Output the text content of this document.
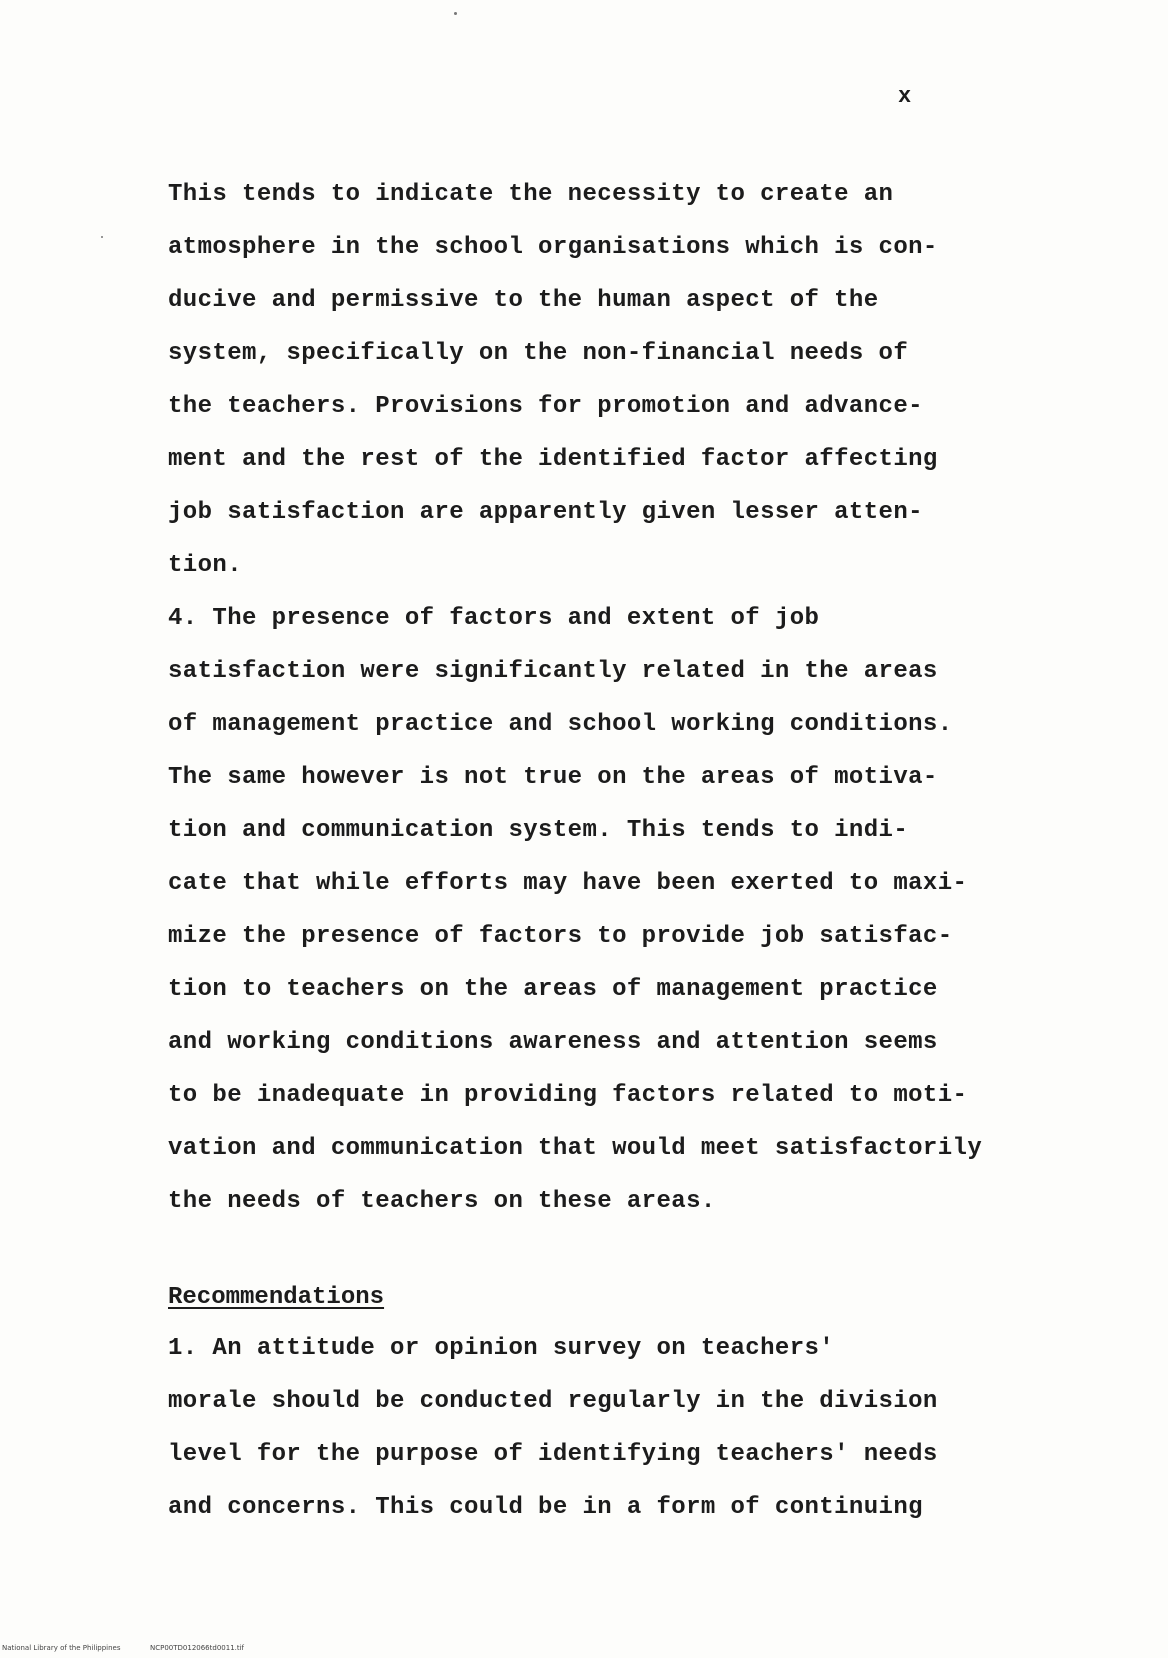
x
This tends to indicate the necessity to create an
atmosphere in the school organisations which is con-
ducive and permissive to the human aspect of the
system, specifically on the non-financial needs of
the teachers. Provisions for promotion and advance-
ment and the rest of the identified factor affecting
job satisfaction are apparently given lesser atten-
tion.
4. The presence of factors and extent of job
satisfaction were significantly related in the areas
of management practice and school working conditions.
The same however is not true on the areas of motiva-
tion and communication system. This tends to indi-
cate that while efforts may have been exerted to maxi-
mize the presence of factors to provide job satisfac-
tion to teachers on the areas of management practice
and working conditions awareness and attention seems
to be inadequate in providing factors related to moti-
vation and communication that would meet satisfactorily
the needs of teachers on these areas.
Recommendations
1. An attitude or opinion survey on teachers'
morale should be conducted regularly in the division
level for the purpose of identifying teachers' needs
and concerns. This could be in a form of continuing
National Library of the Philippines	NCP00TD012066td0011.tif
